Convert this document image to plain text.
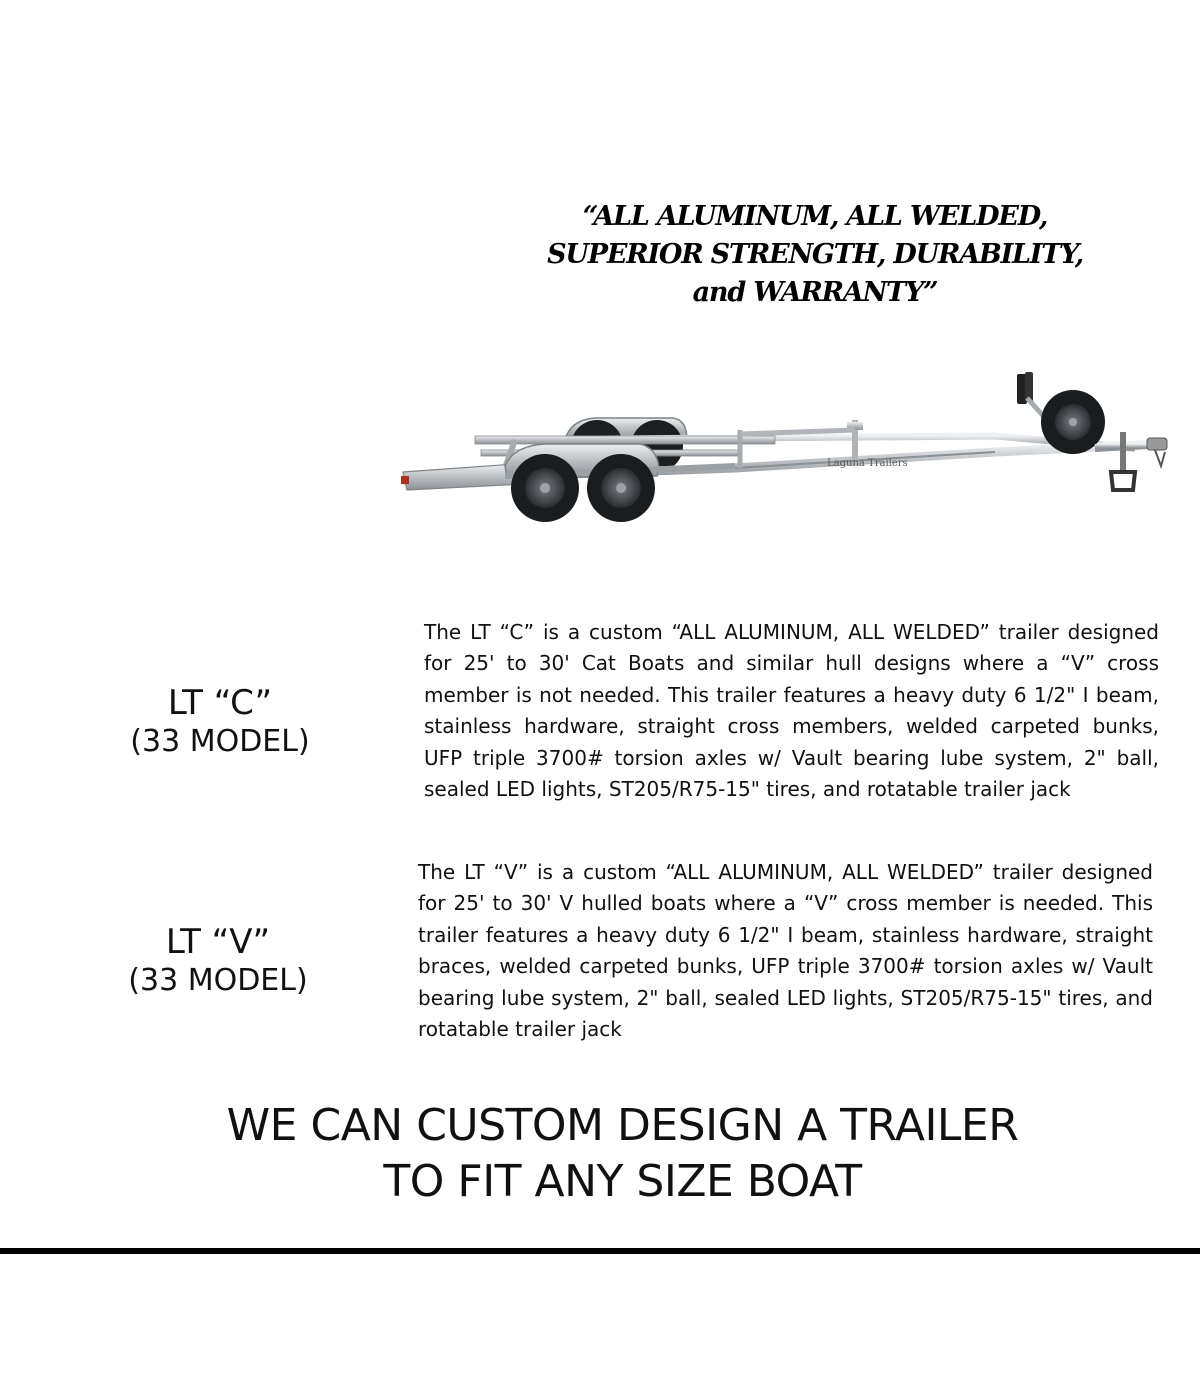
“ALL ALUMINUM, ALL WELDED,
SUPERIOR STRENGTH, DURABILITY,
and WARRANTY”
Laguna Trailers
LT “C”
(33 MODEL)
The LT “C” is a custom “ALL ALUMINUM, ALL WELDED” trailer designed for 25' to 30' Cat Boats and similar hull designs where a “V” cross member is not needed. This trailer features a heavy duty 6 1/2" I beam, stainless hardware, straight cross members, welded carpeted bunks, UFP triple 3700# torsion axles w/ Vault bearing lube system, 2" ball, sealed LED lights, ST205/R75-15" tires, and rotatable trailer jack
LT “V”
(33 MODEL)
The LT “V” is a custom “ALL ALUMINUM, ALL WELDED” trailer designed for 25' to 30' V hulled boats where a “V” cross member is needed. This trailer features a heavy duty 6 1/2" I beam, stainless hardware, straight braces, welded carpeted bunks, UFP triple 3700# torsion axles w/ Vault bearing lube system, 2" ball, sealed LED lights, ST205/R75-15" tires, and rotatable trailer jack
WE CAN CUSTOM DESIGN A TRAILER
TO FIT ANY SIZE BOAT
